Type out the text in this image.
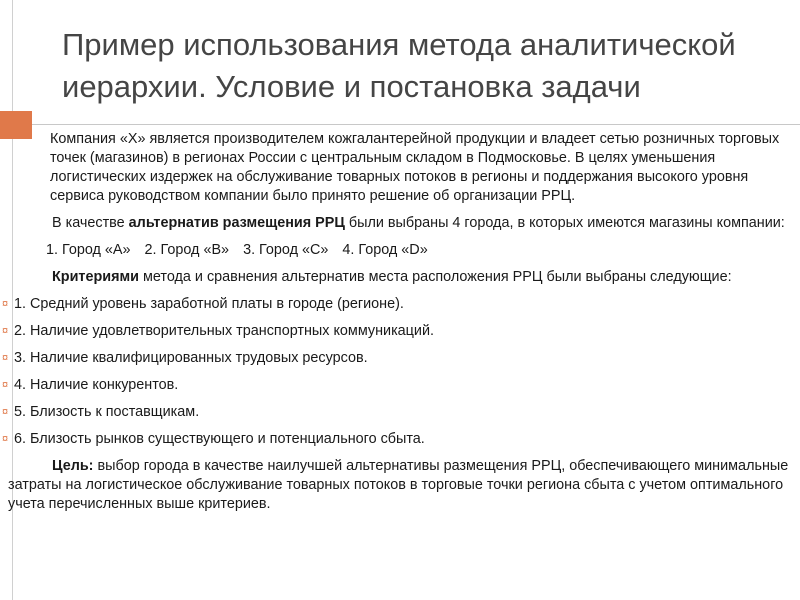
Пример использования метода аналитической иерархии. Условие и постановка задачи

Компания «Х» является производителем кожгалантерейной продукции и владеет сетью розничных торговых точек (магазинов) в регионах России с центральным складом в Подмосковье. В целях уменьшения логистических издержек на обслуживание товарных потоков в регионы и поддержания высокого уровня сервиса руководством компании было принято решение об организации РРЦ.

В качестве альтернатив размещения РРЦ были выбраны 4 города, в которых имеются магазины компании:

1. Город «А» 2. Город «В» 3. Город «С» 4. Город «D»

Критериями метода и сравнения альтернатив места расположения РРЦ были выбраны следующие:

¤ 1. Средний уровень заработной платы в городе (регионе).

¤ 2. Наличие удовлетворительных транспортных коммуникаций.

¤ 3. Наличие квалифицированных трудовых ресурсов.

¤ 4. Наличие конкурентов.

¤ 5. Близость к поставщикам.

¤ 6. Близость рынков существующего и потенциального сбыта.

Цель: выбор города в качестве наилучшей альтернативы размещения РРЦ, обеспечивающего минимальные затраты на логистическое обслуживание товарных потоков в торговые точки региона сбыта с учетом оптимального учета перечисленных выше критериев.
